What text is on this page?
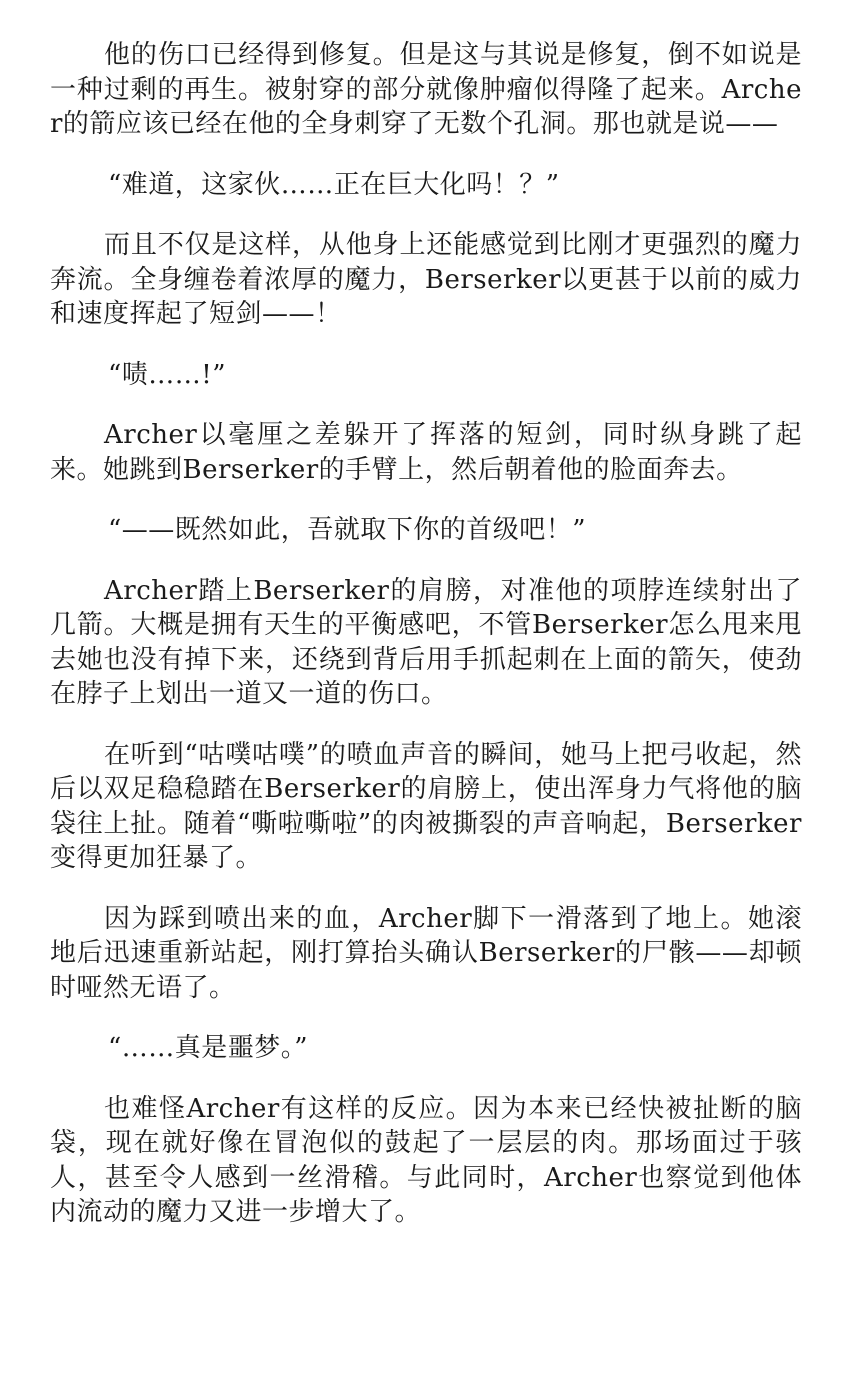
他的伤口已经得到修复。但是这与其说是修复，倒不如说是一种过剩的再生。被射穿的部分就像肿瘤似得隆了起来。Archer的箭应该已经在他的全身刺穿了无数个孔洞。那也就是说——

“难道，这家伙……正在巨大化吗！？”

而且不仅是这样，从他身上还能感觉到比刚才更强烈的魔力奔流。全身缠卷着浓厚的魔力，Berserker以更甚于以前的威力和速度挥起了短剑——！

“啧……!”

Archer以毫厘之差躲开了挥落的短剑，同时纵身跳了起来。她跳到Berserker的手臂上，然后朝着他的脸面奔去。

“——既然如此，吾就取下你的首级吧！”

Archer踏上Berserker的肩膀，对准他的项脖连续射出了几箭。大概是拥有天生的平衡感吧，不管Berserker怎么甩来甩去她也没有掉下来，还绕到背后用手抓起刺在上面的箭矢，使劲在脖子上划出一道又一道的伤口。

在听到“咕噗咕噗”的喷血声音的瞬间，她马上把弓收起，然后以双足稳稳踏在Berserker的肩膀上，使出浑身力气将他的脑袋往上扯。随着“嘶啦嘶啦”的肉被撕裂的声音响起，Berserker变得更加狂暴了。

因为踩到喷出来的血，Archer脚下一滑落到了地上。她滚地后迅速重新站起，刚打算抬头确认Berserker的尸骸——却顿时哑然无语了。

“……真是噩梦。”

也难怪Archer有这样的反应。因为本来已经快被扯断的脑袋，现在就好像在冒泡似的鼓起了一层层的肉。那场面过于骇人，甚至令人感到一丝滑稽。与此同时，Archer也察觉到他体内流动的魔力又进一步增大了。
